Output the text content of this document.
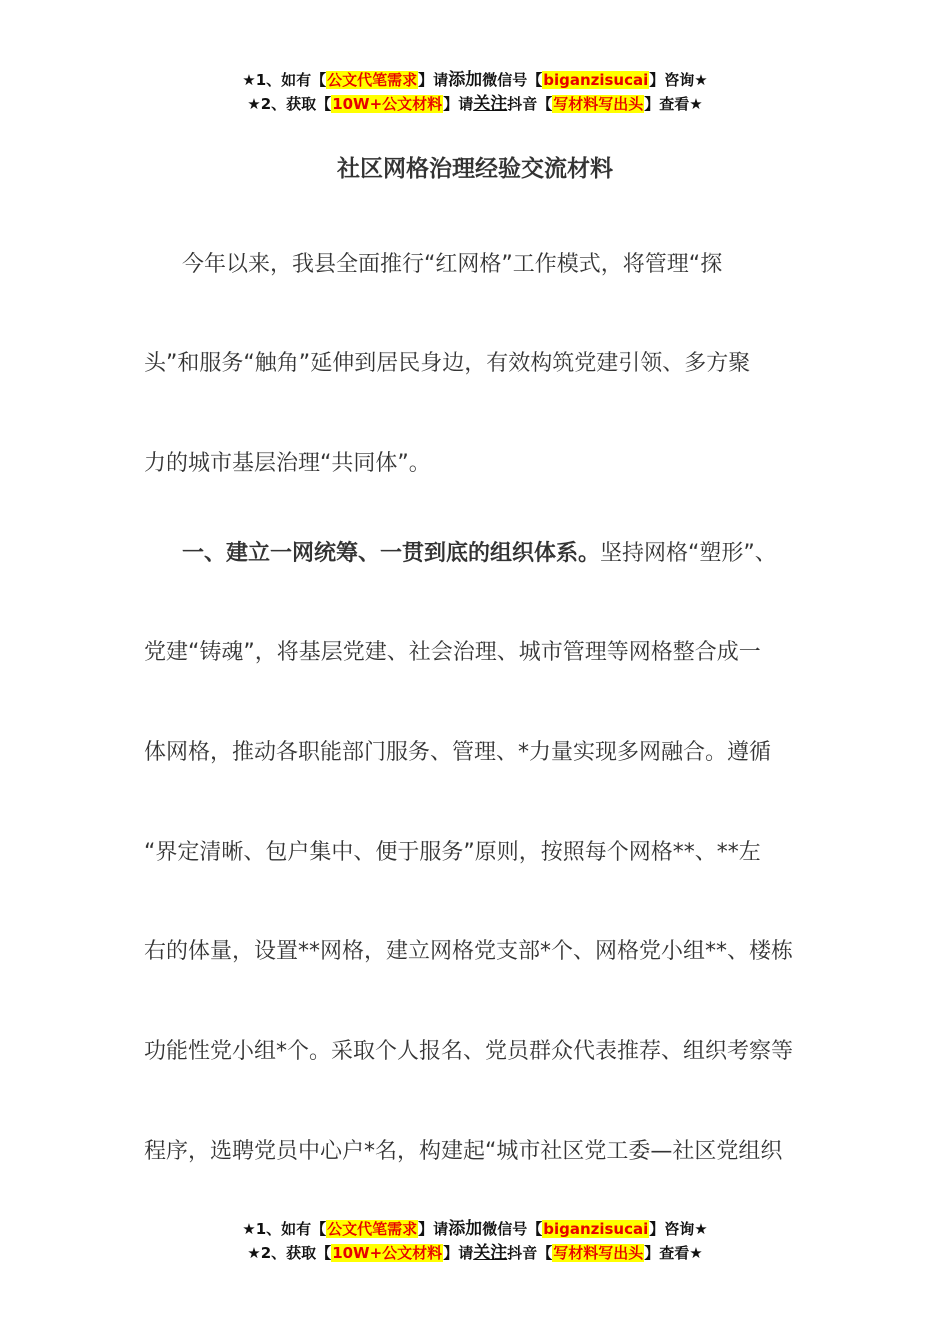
★1、如有【公文代笔需求】请添加微信号【biganzisucai】咨询★
★2、获取【10W+公文材料】请关注抖音【写材料写出头】查看★
社区网格治理经验交流材料
今年以来，我县全面推行“红网格”工作模式，将管理“探
头”和服务“触角”延伸到居民身边，有效构筑党建引领、多方聚
力的城市基层治理“共同体”。
一、建立一网统筹、一贯到底的组织体系。坚持网格“塑形”、
党建“铸魂”，将基层党建、社会治理、城市管理等网格整合成一
体网格，推动各职能部门服务、管理、*力量实现多网融合。遵循
“界定清晰、包户集中、便于服务”原则，按照每个网格**、**左
右的体量，设置**网格，建立网格党支部*个、网格党小组**、楼栋
功能性党小组*个。采取个人报名、党员群众代表推荐、组织考察等
程序，选聘党员中心户*名，构建起“城市社区党工委—社区党组织
★1、如有【公文代笔需求】请添加微信号【biganzisucai】咨询★
★2、获取【10W+公文材料】请关注抖音【写材料写出头】查看★
